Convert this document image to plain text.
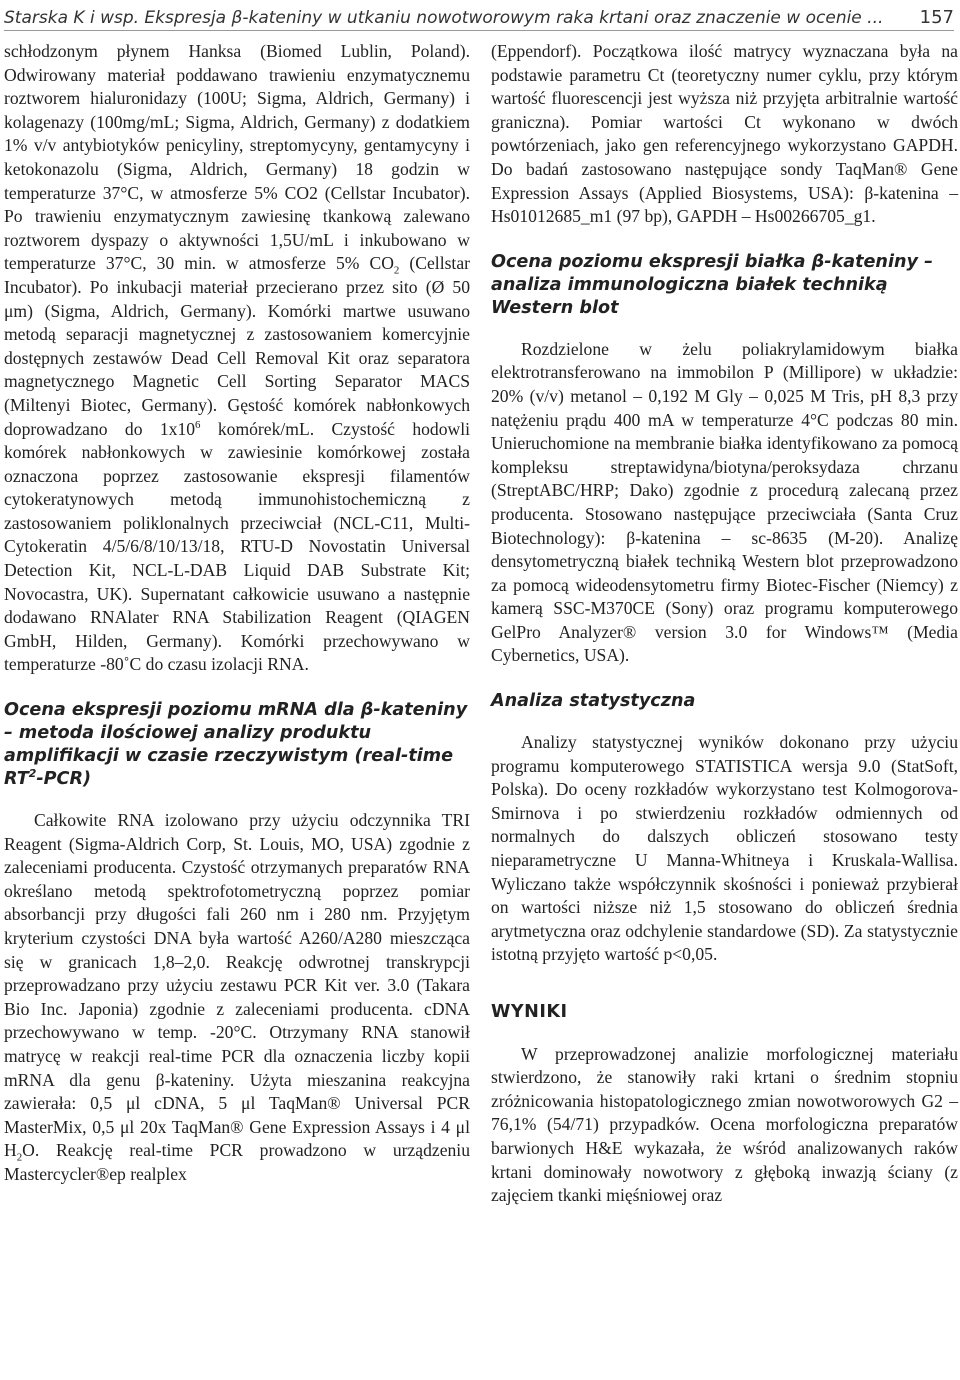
Starska K i wsp. Ekspresja β-kateniny w utkaniu nowotworowym raka krtani oraz znaczenie w ocenie ... 157

schłodzonym płynem Hanksa (Biomed Lublin, Poland). Odwirowany materiał poddawano trawieniu enzymatycznemu roztworem hialuronidazy (100U; Sigma, Aldrich, Germany) i kolagenazy (100mg/mL; Sigma, Aldrich, Germany) z dodatkiem 1% v/v antybiotyków penicyliny, streptomycyny, gentamycyny i ketokonazolu (Sigma, Aldrich, Germany) 18 godzin w temperaturze 37°C, w atmosferze 5% CO2 (Cellstar Incubator). Po trawieniu enzymatycznym zawiesinę tkankową zalewano roztworem dyspazy o aktywności 1,5U/mL i inkubowano w temperaturze 37°C, 30 min. w atmosferze 5% $CO_2$ (Cellstar Incubator). Po inkubacji materiał przecierano przez sito (Ø 50 μm) (Sigma, Aldrich, Germany). Komórki martwe usuwano metodą separacji magnetycznej z zastosowaniem komercyjnie dostępnych zestawów Dead Cell Removal Kit oraz separatora magnetycznego Magnetic Cell Sorting Separator MACS (Miltenyi Biotec, Germany). Gęstość komórek nabłonkowych doprowadzano do $1x10^6$ komórek/mL. Czystość hodowli komórek nabłonkowych w zawiesinie komórkowej została oznaczona poprzez zastosowanie ekspresji filamentów cytokeratynowych metodą immunohistochemiczną z zastosowaniem poliklonalnych przeciwciał (NCL-C11, Multi-Cytokeratin 4/5/6/8/10/13/18, RTU-D Novostatin Universal Detection Kit, NCL-L-DAB Liquid DAB Substrate Kit; Novocastra, UK). Supernatant całkowicie usuwano a następnie dodawano RNAlater RNA Stabilization Reagent (QIAGEN GmbH, Hilden, Germany). Komórki przechowywano w temperaturze -80˚C do czasu izolacji RNA.

Ocena ekspresji poziomu mRNA dla β-kateniny – metoda ilościowej analizy produktu amplifikacji w czasie rzeczywistym (real-time $RT^2-PCR$)

Całkowite RNA izolowano przy użyciu odczynnika TRI Reagent (Sigma-Aldrich Corp, St. Louis, MO, USA) zgodnie z zaleceniami producenta. Czystość otrzymanych preparatów RNA określano metodą spektrofotometryczną poprzez pomiar absorbancji przy długości fali 260 nm i 280 nm. Przyjętym kryterium czystości DNA była wartość A260/A280 mieszcząca się w granicach 1,8–2,0. Reakcję odwrotnej transkrypcji przeprowadzano przy użyciu zestawu PCR Kit ver. 3.0 (Takara Bio Inc. Japonia) zgodnie z zaleceniami producenta. cDNA przechowywano w temp. -20°C. Otrzymany RNA stanowił matrycę w reakcji real-time PCR dla oznaczenia liczby kopii mRNA dla genu β-kateniny. Użyta mieszanina reakcyjna zawierała: 0,5 μl cDNA, 5 μl TaqMan® Universal PCR MasterMix, 0,5 μl 20x TaqMan® Gene Expression Assays i 4 μl $H_2O$. Reakcję real-time PCR prowadzono w urządzeniu Mastercycler®ep realplex

(Eppendorf). Początkowa ilość matrycy wyznaczana była na podstawie parametru Ct (teoretyczny numer cyklu, przy którym wartość fluorescencji jest wyższa niż przyjęta arbitralnie wartość graniczna). Pomiar wartości Ct wykonano w dwóch powtórzeniach, jako gen referencyjnego wykorzystano GAPDH. Do badań zastosowano następujące sondy TaqMan® Gene Expression Assays (Applied Biosystems, USA): β-katenina – Hs01012685_m1 (97 bp), GAPDH – Hs00266705_g1.

Ocena poziomu ekspresji białka β-kateniny – analiza immunologiczna białek techniką Western blot

Rozdzielone w żelu poliakrylamidowym białka elektrotransferowano na immobilon P (Millipore) w układzie: 20% (v/v) metanol – 0,192 M Gly – 0,025 M Tris, pH 8,3 przy natężeniu prądu 400 mA w temperaturze 4°C podczas 80 min. Unieruchomione na membranie białka identyfikowano za pomocą kompleksu streptawidyna/biotyna/peroksydaza chrzanu (StreptABC/HRP; Dako) zgodnie z procedurą zalecaną przez producenta. Stosowano następujące przeciwciała (Santa Cruz Biotechnology): β-katenina – sc-8635 (M-20). Analizę densytometryczną białek techniką Western blot przeprowadzono za pomocą wideodensytometru firmy Biotec-Fischer (Niemcy) z kamerą SSC-M370CE (Sony) oraz programu komputerowego GelPro Analyzer® version 3.0 for Windows™ (Media Cybernetics, USA).

Analiza statystyczna

Analizy statystycznej wyników dokonano przy użyciu programu komputerowego STATISTICA wersja 9.0 (StatSoft, Polska). Do oceny rozkładów wykorzystano test Kolmogorova-Smirnova i po stwierdzeniu rozkładów odmiennych od normalnych do dalszych obliczeń stosowano testy nieparametryczne U Manna-Whitneya i Kruskala-Wallisa. Wyliczano także współczynnik skośności i ponieważ przybierał on wartości niższe niż 1,5 stosowano do obliczeń średnia arytmetyczna oraz odchylenie standardowe (SD). Za statystycznie istotną przyjęto wartość p<0,05.

WYNIKI

W przeprowadzonej analizie morfologicznej materiału stwierdzono, że stanowiły raki krtani o średnim stopniu zróżnicowania histopatologicznego zmian nowotworowych G2 – 76,1% (54/71) przypadków. Ocena morfologiczna preparatów barwionych H&E wykazała, że wśród analizowanych raków krtani dominowały nowotwory z głęboką inwazją ściany (z zajęciem tkanki mięśniowej oraz
